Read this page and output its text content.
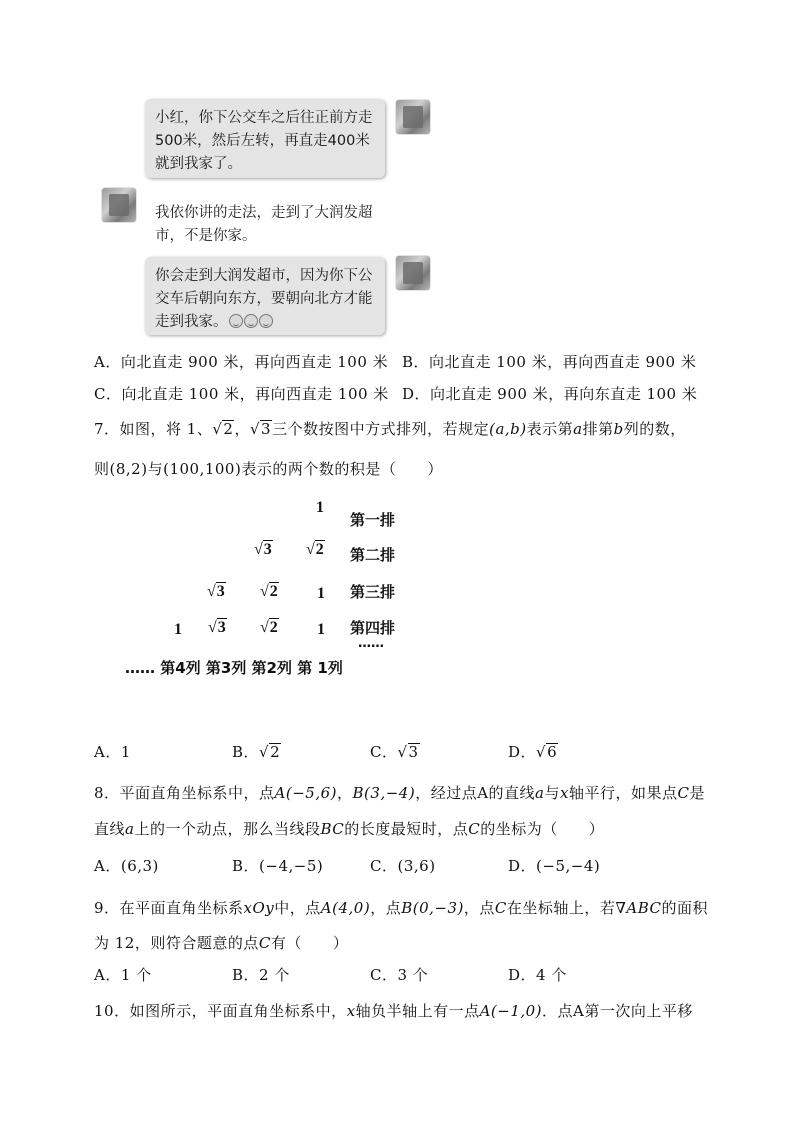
小红，你下公交车之后往正前方走
500米，然后左转，再直走400米
就到我家了。
我依你讲的走法，走到了大润发超
市，不是你家。
你会走到大润发超市，因为你下公
交车后朝向东方，要朝向北方才能
走到我家。
A．向北直走 900 米，再向西直走 100 米 B．向北直走 100 米，再向西直走 900 米
C．向北直走 100 米，再向西直走 100 米 D．向北直走 900 米，再向东直走 100 米
7．如图，将 1、√2，√3三个数按图中方式排列，若规定(a,b)表示第a排第b列的数，
则(8,2)与(100,100)表示的两个数的积是（　　）
1
第一排
√3 √2 第二排
√3 √2 1 第三排
1 √3 √2 1 第四排
……
…… 第4列 第3列 第2列 第 1列
A．1	B．√2	C．√3	D．√6
8．平面直角坐标系中，点A(−5,6)，B(3,−4)，经过点A的直线a与x轴平行，如果点C是
直线a上的一个动点，那么当线段BC的长度最短时，点C的坐标为（　　）
A．(6,3)	B．(−4,−5)	C．(3,6)	D．(−5,−4)
9．在平面直角坐标系xOy中，点A(4,0)，点B(0,−3)，点C在坐标轴上，若∇ABC的面积
为 12，则符合题意的点C有（　　）
A．1 个	B．2 个	C．3 个	D．4 个
10．如图所示，平面直角坐标系中，x轴负半轴上有一点A(−1,0)．点A第一次向上平移
